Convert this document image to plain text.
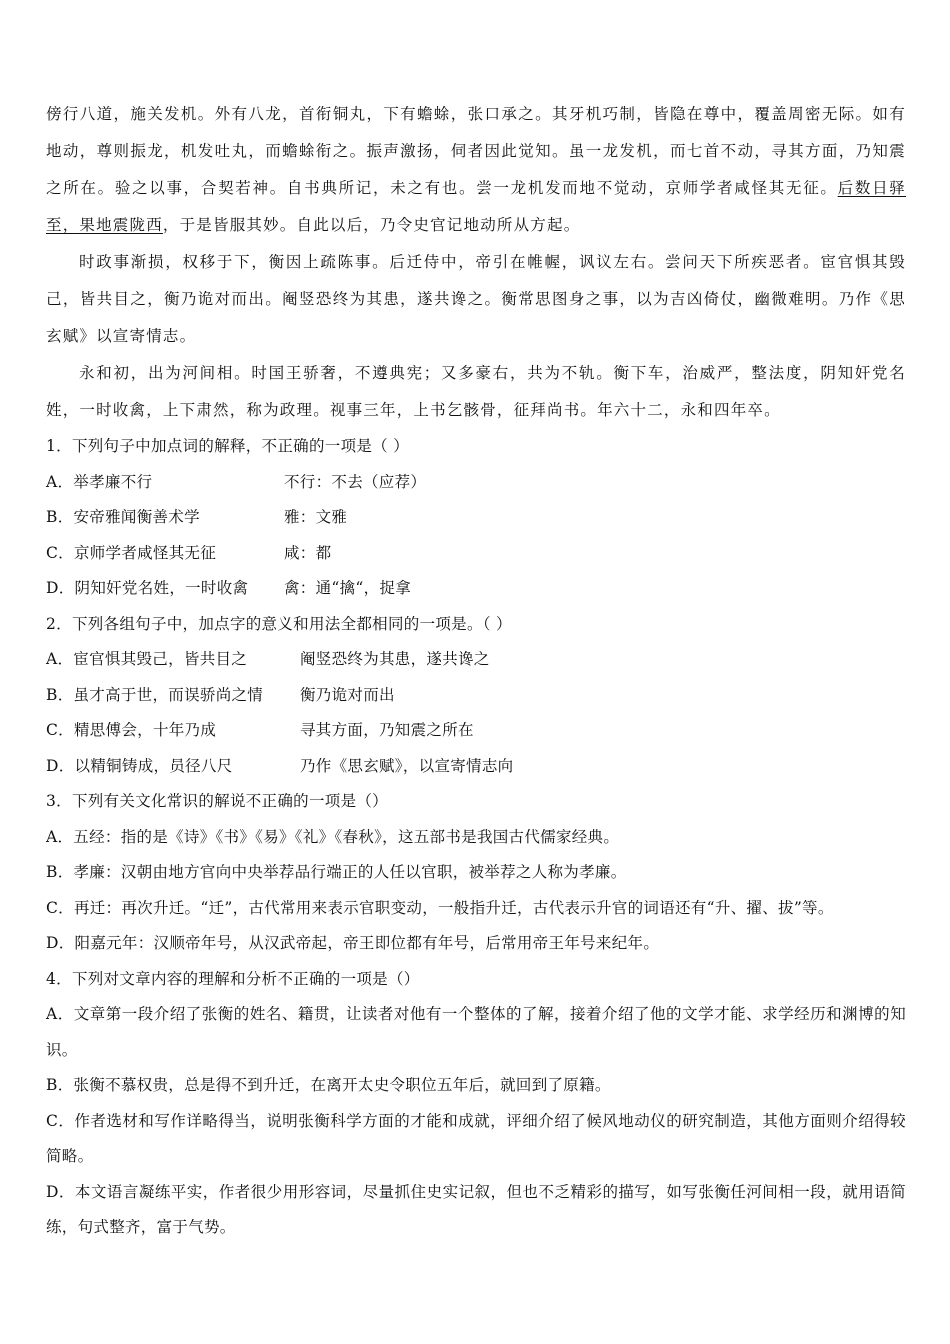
傍行八道，施关发机。外有八龙，首衔铜丸，下有蟾蜍，张口承之。其牙机巧制，皆隐在尊中，覆盖周密无际。如有地动，尊则振龙，机发吐丸，而蟾蜍衔之。振声激扬，伺者因此觉知。虽一龙发机，而七首不动，寻其方面，乃知震之所在。验之以事，合契若神。自书典所记，未之有也。尝一龙机发而地不觉动，京师学者咸怪其无征。后数日驿至，果地震陇西，于是皆服其妙。自此以后，乃令史官记地动所从方起。

时政事渐损，权移于下，衡因上疏陈事。后迁侍中，帝引在帷幄，讽议左右。尝问天下所疾恶者。宦官惧其毁己，皆共目之，衡乃诡对而出。阉竖恐终为其患，遂共谗之。衡常思图身之事，以为吉凶倚仗，幽微难明。乃作《思玄赋》以宣寄情志。

永和初，出为河间相。时国王骄奢，不遵典宪；又多豪右，共为不轨。衡下车，治威严，整法度，阴知奸党名姓，一时收禽，上下肃然，称为政理。视事三年，上书乞骸骨，征拜尚书。年六十二，永和四年卒。

1．下列句子中加点词的解释，不正确的一项是（ ）

A．举孝廉不行	不行：不去（应荐）

B．安帝雅闻衡善术学	雅：文雅

C．京师学者咸怪其无征	咸：都

D．阴知奸党名姓，一时收禽	禽：通“擒“，捉拿

2．下列各组句子中，加点字的意义和用法全都相同的一项是。（ ）

A．宦官惧其毁己，皆共目之	阉竖恐终为其患，遂共谗之

B．虽才高于世，而误骄尚之情	衡乃诡对而出

C．精思傅会，十年乃成	寻其方面，乃知震之所在

D．以精铜铸成，员径八尺	乃作《思玄赋》，以宣寄情志向

3．下列有关文化常识的解说不正确的一项是（）

A．五经：指的是《诗》《书》《易》《礼》《春秋》，这五部书是我国古代儒家经典。

B．孝廉：汉朝由地方官向中央举荐品行端正的人任以官职，被举荐之人称为孝廉。

C．再迁：再次升迁。“迁”，古代常用来表示官职变动，一般指升迁，古代表示升官的词语还有“升、擢、拔”等。

D．阳嘉元年：汉顺帝年号，从汉武帝起，帝王即位都有年号，后常用帝王年号来纪年。

4．下列对文章内容的理解和分析不正确的一项是（）

A．文章第一段介绍了张衡的姓名、籍贯，让读者对他有一个整体的了解，接着介绍了他的文学才能、求学经历和渊博的知识。

B．张衡不慕权贵，总是得不到升迁，在离开太史令职位五年后，就回到了原籍。

C．作者选材和写作详略得当，说明张衡科学方面的才能和成就，评细介绍了候风地动仪的研究制造，其他方面则介绍得较简略。

D．本文语言凝练平实，作者很少用形容词，尽量抓住史实记叙，但也不乏精彩的描写，如写张衡任河间相一段，就用语简练，句式整齐，富于气势。
